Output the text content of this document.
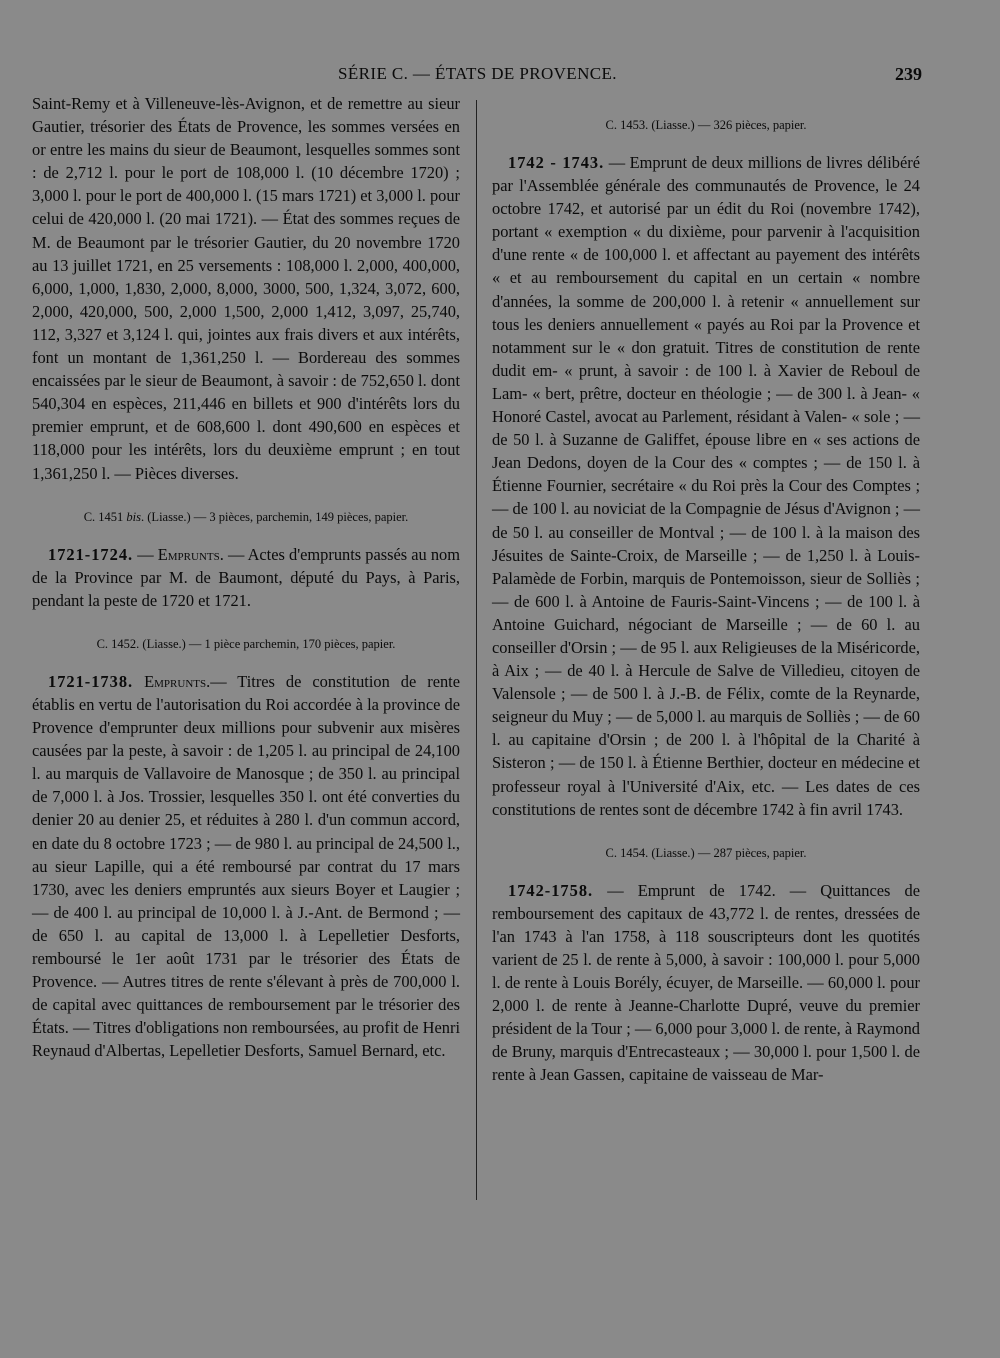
SÉRIE C. — ÉTATS DE PROVENCE.	239

Saint-Remy et à Villeneuve-lès-Avignon, et de remettre au sieur Gautier, trésorier des États de Provence, les sommes versées en or entre les mains du sieur de Beaumont, lesquelles sommes sont : de 2,712 l. pour le port de 108,000 l. (10 décembre 1720) ; 3,000 l. pour le port de 400,000 l. (15 mars 1721) et 3,000 l. pour celui de 420,000 l. (20 mai 1721). — État des sommes reçues de M. de Beaumont par le trésorier Gautier, du 20 novembre 1720 au 13 juillet 1721, en 25 versements : 108,000 l. 2,000, 400,000, 6,000, 1,000, 1,830, 2,000, 8,000, 3000, 500, 1,324, 3,072, 600, 2,000, 420,000, 500, 2,000 1,500, 2,000 1,412, 3,097, 25,740, 112, 3,327 et 3,124 l. qui, jointes aux frais divers et aux intérêts, font un montant de 1,361,250 l. — Bordereau des sommes encaissées par le sieur de Beaumont, à savoir : de 752,650 l. dont 540,304 en espèces, 211,446 en billets et 900 d'intérêts lors du premier emprunt, et de 608,600 l. dont 490,600 en espèces et 118,000 pour les intérêts, lors du deuxième emprunt ; en tout 1,361,250 l. — Pièces diverses.

C. 1451 bis. (Liasse.) — 3 pièces, parchemin, 149 pièces, papier.

1721-1724. — Emprunts. — Actes d'emprunts passés au nom de la Province par M. de Baumont, député du Pays, à Paris, pendant la peste de 1720 et 1721.

C. 1452. (Liasse.) — 1 pièce parchemin, 170 pièces, papier.

1721-1738. Emprunts.— Titres de constitution de rente établis en vertu de l'autorisation du Roi accordée à la province de Provence d'emprunter deux millions pour subvenir aux misères causées par la peste, à savoir : de 1,205 l. au principal de 24,100 l. au marquis de Vallavoire de Manosque ; de 350 l. au principal de 7,000 l. à Jos. Trossier, lesquelles 350 l. ont été converties du denier 20 au denier 25, et réduites à 280 l. d'un commun accord, en date du 8 octobre 1723 ; — de 980 l. au principal de 24,500 l., au sieur Lapille, qui a été remboursé par contrat du 17 mars 1730, avec les deniers empruntés aux sieurs Boyer et Laugier ; — de 400 l. au principal de 10,000 l. à J.-Ant. de Bermond ; — de 650 l. au capital de 13,000 l. à Lepelletier Desforts, remboursé le 1er août 1731 par le trésorier des États de Provence. — Autres titres de rente s'élevant à près de 700,000 l. de capital avec quittances de remboursement par le trésorier des États. — Titres d'obligations non remboursées, au profit de Henri Reynaud d'Albertas, Lepelletier Desforts, Samuel Bernard, etc.

C. 1453. (Liasse.) — 326 pièces, papier.

1742 - 1743. — Emprunt de deux millions de livres délibéré par l'Assemblée générale des communautés de Provence, le 24 octobre 1742, et autorisé par un édit du Roi (novembre 1742), portant « exemption « du dixième, pour parvenir à l'acquisition d'une rente « de 100,000 l. et affectant au payement des intérêts « et au remboursement du capital en un certain « nombre d'années, la somme de 200,000 l. à retenir « annuellement sur tous les deniers annuellement « payés au Roi par la Provence et notamment sur le « don gratuit. Titres de constitution de rente dudit em- « prunt, à savoir : de 100 l. à Xavier de Reboul de Lam- « bert, prêtre, docteur en théologie ; — de 300 l. à Jean- « Honoré Castel, avocat au Parlement, résidant à Valen- « sole ; — de 50 l. à Suzanne de Galiffet, épouse libre en « ses actions de Jean Dedons, doyen de la Cour des « comptes ; — de 150 l. à Étienne Fournier, secrétaire « du Roi près la Cour des Comptes ; — de 100 l. au noviciat de la Compagnie de Jésus d'Avignon ; — de 50 l. au conseiller de Montval ; — de 100 l. à la maison des Jésuites de Sainte-Croix, de Marseille ; — de 1,250 l. à Louis-Palamède de Forbin, marquis de Pontemoisson, sieur de Solliès ; — de 600 l. à Antoine de Fauris-Saint-Vincens ; — de 100 l. à Antoine Guichard, négociant de Marseille ; — de 60 l. au conseiller d'Orsin ; — de 95 l. aux Religieuses de la Miséricorde, à Aix ; — de 40 l. à Hercule de Salve de Villedieu, citoyen de Valensole ; — de 500 l. à J.-B. de Félix, comte de la Reynarde, seigneur du Muy ; — de 5,000 l. au marquis de Solliès ; — de 60 l. au capitaine d'Orsin ; de 200 l. à l'hôpital de la Charité à Sisteron ; — de 150 l. à Étienne Berthier, docteur en médecine et professeur royal à l'Université d'Aix, etc. — Les dates de ces constitutions de rentes sont de décembre 1742 à fin avril 1743.

C. 1454. (Liasse.) — 287 pièces, papier.

1742-1758. — Emprunt de 1742. — Quittances de remboursement des capitaux de 43,772 l. de rentes, dressées de l'an 1743 à l'an 1758, à 118 souscripteurs dont les quotités varient de 25 l. de rente à 5,000, à savoir : 100,000 l. pour 5,000 l. de rente à Louis Borély, écuyer, de Marseille. — 60,000 l. pour 2,000 l. de rente à Jeanne-Charlotte Dupré, veuve du premier président de la Tour ; — 6,000 pour 3,000 l. de rente, à Raymond de Bruny, marquis d'Entrecasteaux ; — 30,000 l. pour 1,500 l. de rente à Jean Gassen, capitaine de vaisseau de Mar-
